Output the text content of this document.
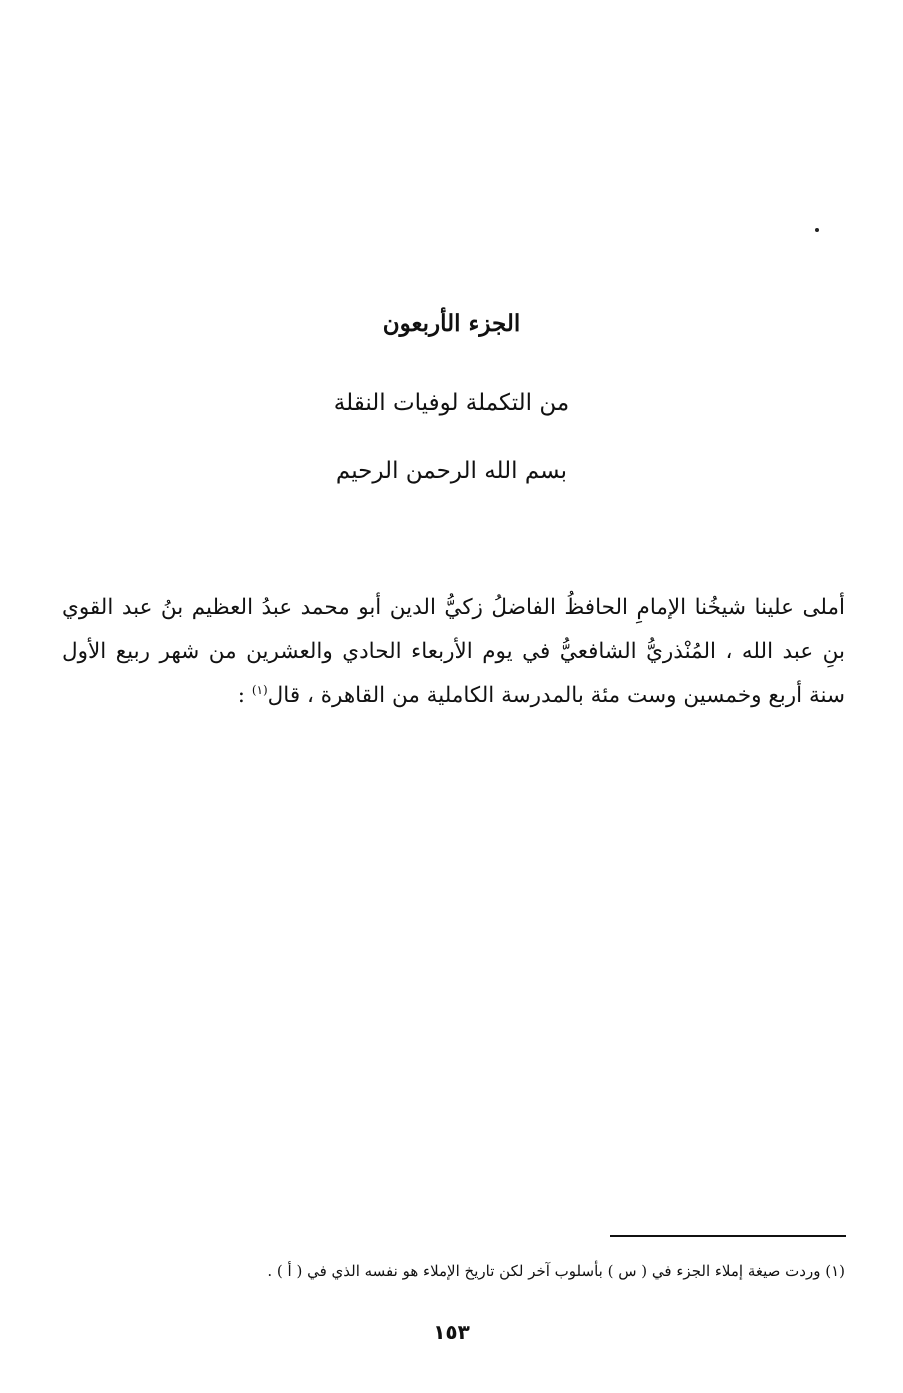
الجزء الأربعون
من التكملة لوفيات النقلة
بسم الله الرحمن الرحيم
أملى علينا شيخُنا الإمامِ الحافظُ الفاضلُ زكيُّ الدين أبو محمد عبدُ العظيم بنُ عبد القوي بنِ عبد الله ، المُنْذريُّ الشافعيُّ في يوم الأربعاء الحادي والعشرين من شهر ربيع الأول سنة أربع وخمسين وست مئة بالمدرسة الكاملية من القاهرة ، قال$^{(١)}$ :
(١) وردت صيغة إملاء الجزء في ( س ) بأسلوب آخر لكن تاريخ الإملاء هو نفسه الذي في ( أ ) .
١٥٣
